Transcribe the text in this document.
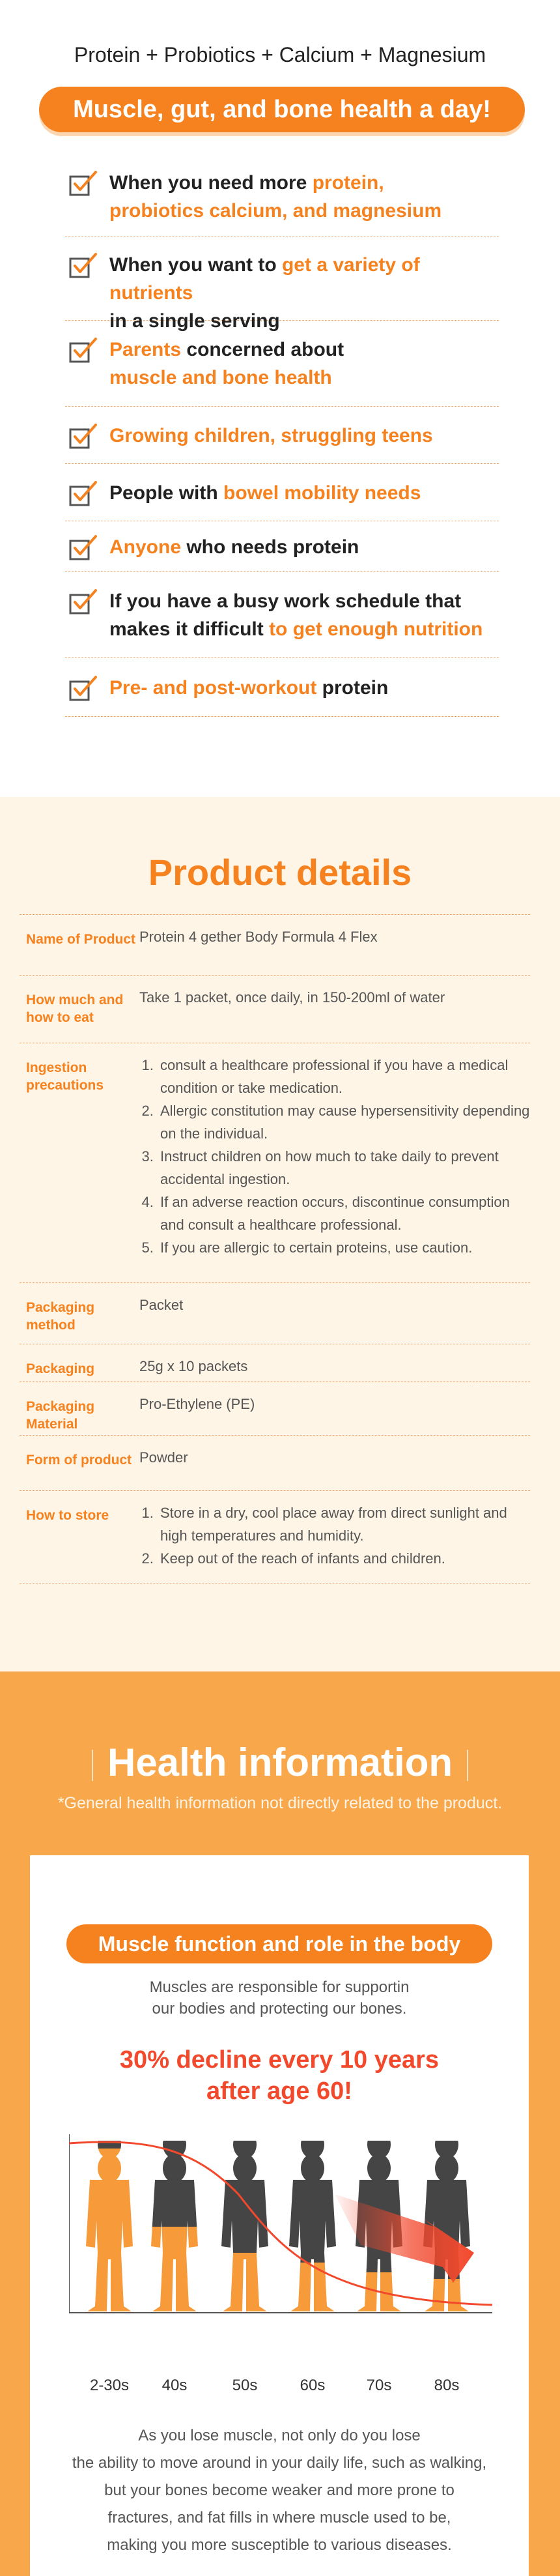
Protein + Probiotics + Calcium + Magnesium
Muscle, gut, and bone health a day!
When you need more protein,
probiotics calcium, and magnesium
When you want to get a variety of nutrients
in a single serving
Parents concerned about
muscle and bone health
Growing children, struggling teens
People with bowel mobility needs
Anyone who needs protein
If you have a busy work schedule that
makes it difficult to get enough nutrition
Pre- and post-workout protein
Product details
Name of Product Protein 4 gether Body Formula 4 Flex
How much and how to eat
Take 1 packet, once daily, in 150-200ml of water
Ingestion precautions
1. consult a healthcare professional if you have a medical condition or take medication.
2. Allergic constitution may cause hypersensitivity depending on the individual.
3. Instruct children on how much to take daily to prevent accidental ingestion.
4. If an adverse reaction occurs, discontinue consumption and consult a healthcare professional.
5. If you are allergic to certain proteins, use caution.
Packaging method
Packet
Packaging	25g x 10 packets
Packaging Material
Pro-Ethylene (PE)
Form of product Powder
How to store
1.	Store in a dry, cool place away from direct sunlight and high temperatures and humidity.
2. Keep out of the reach of infants and children.
Health information
*General health information not directly related to the product.
Muscle function and role in the body
Muscles are responsible for supportin
our bodies and protecting our bones.
30% decline every 10 years
after age 60!
2-30s	40s	50s	60s	70s	80s
As you lose muscle, not only do you lose
the ability to move around in your daily life, such as walking,
but your bones become weaker and more prone to
fractures, and fat fills in where muscle used to be,
making you more susceptible to various diseases.
